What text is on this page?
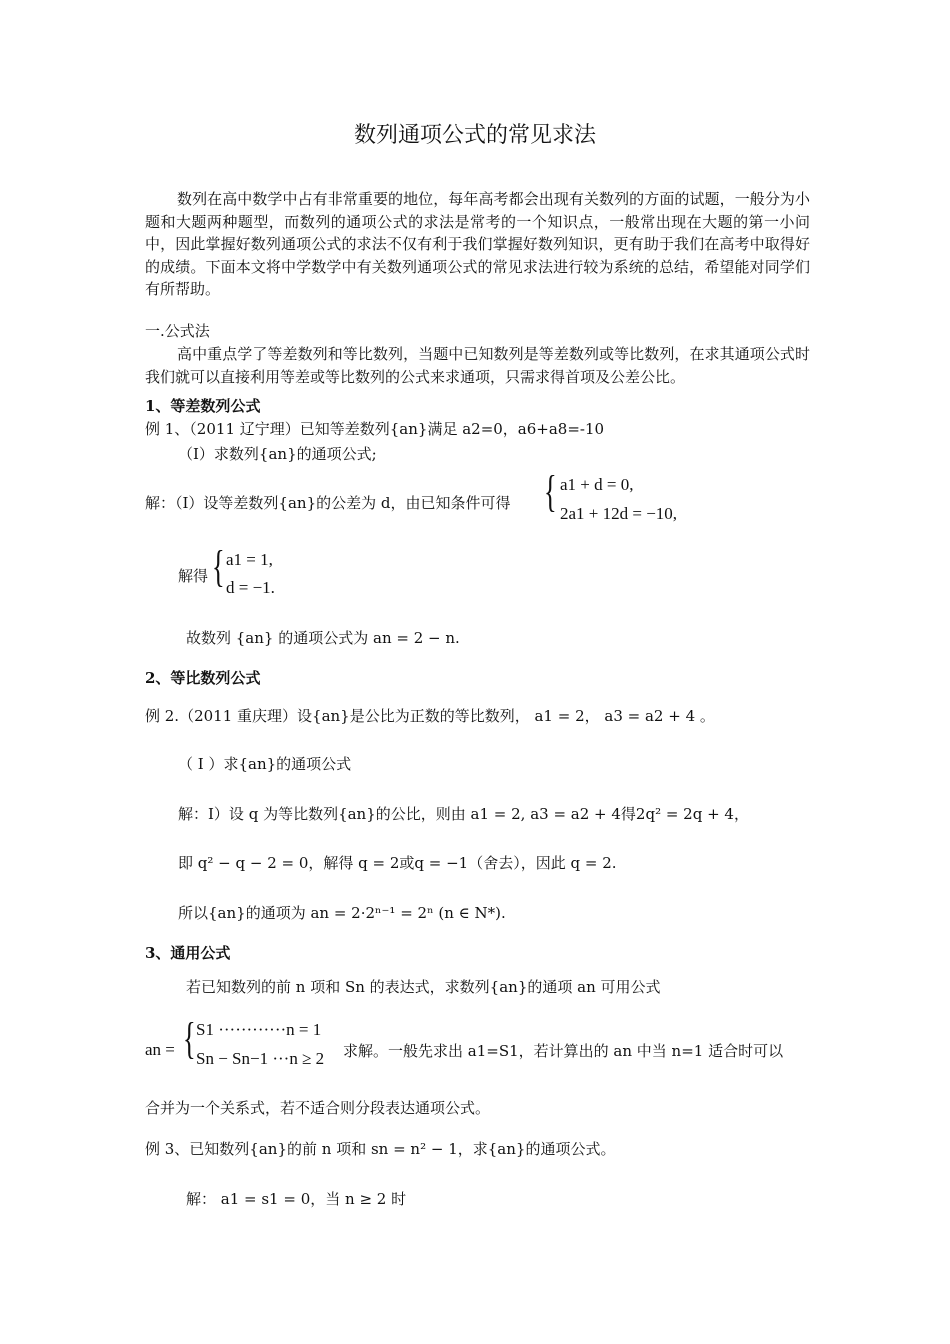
数列通项公式的常见求法
数列在高中数学中占有非常重要的地位，每年高考都会出现有关数列的方面的试题，一般分为小题和大题两种题型，而数列的通项公式的求法是常考的一个知识点，一般常出现在大题的第一小问中，因此掌握好数列通项公式的求法不仅有利于我们掌握好数列知识，更有助于我们在高考中取得好的成绩。下面本文将中学数学中有关数列通项公式的常见求法进行较为系统的总结，希望能对同学们有所帮助。
一.公式法
高中重点学了等差数列和等比数列，当题中已知数列是等差数列或等比数列，在求其通项公式时我们就可以直接利用等差或等比数列的公式来求通项，只需求得首项及公差公比。
1、等差数列公式
例 1、（2011 辽宁理）已知等差数列{an}满足 a2=0，a6+a8=-10
（I）求数列{an}的通项公式;
解：（I）设等差数列{an}的公差为 d，由已知条件可得 { a1 + d = 0,
2a1 + 12d = −10,
解得 { a1 = 1,
d = −1.
故数列 {an} 的通项公式为 an = 2 − n.
2、等比数列公式
例 2.（2011 重庆理）设{an}是公比为正数的等比数列， a1 = 2， a3 = a2 + 4 。
（ I ）求{an}的通项公式
解：I）设 q 为等比数列{an}的公比，则由 a1 = 2, a3 = a2 + 4得2q² = 2q + 4，
即 q² − q − 2 = 0，解得 q = 2或q = −1（舍去），因此 q = 2.
所以{an}的通项为 an = 2·2ⁿ⁻¹ = 2ⁿ (n ∈ N*).
3、通用公式
若已知数列的前 n 项和 Sn 的表达式，求数列{an}的通项 an 可用公式
an = { S1 ············n = 1
Sn − Sn−1 ···n ≥ 2 求解。一般先求出 a1=S1，若计算出的 an 中当 n=1 适合时可以
合并为一个关系式，若不适合则分段表达通项公式。
例 3、已知数列{an}的前 n 项和 sn = n² − 1，求{an}的通项公式。
解： a1 = s1 = 0，当 n ≥ 2 时
